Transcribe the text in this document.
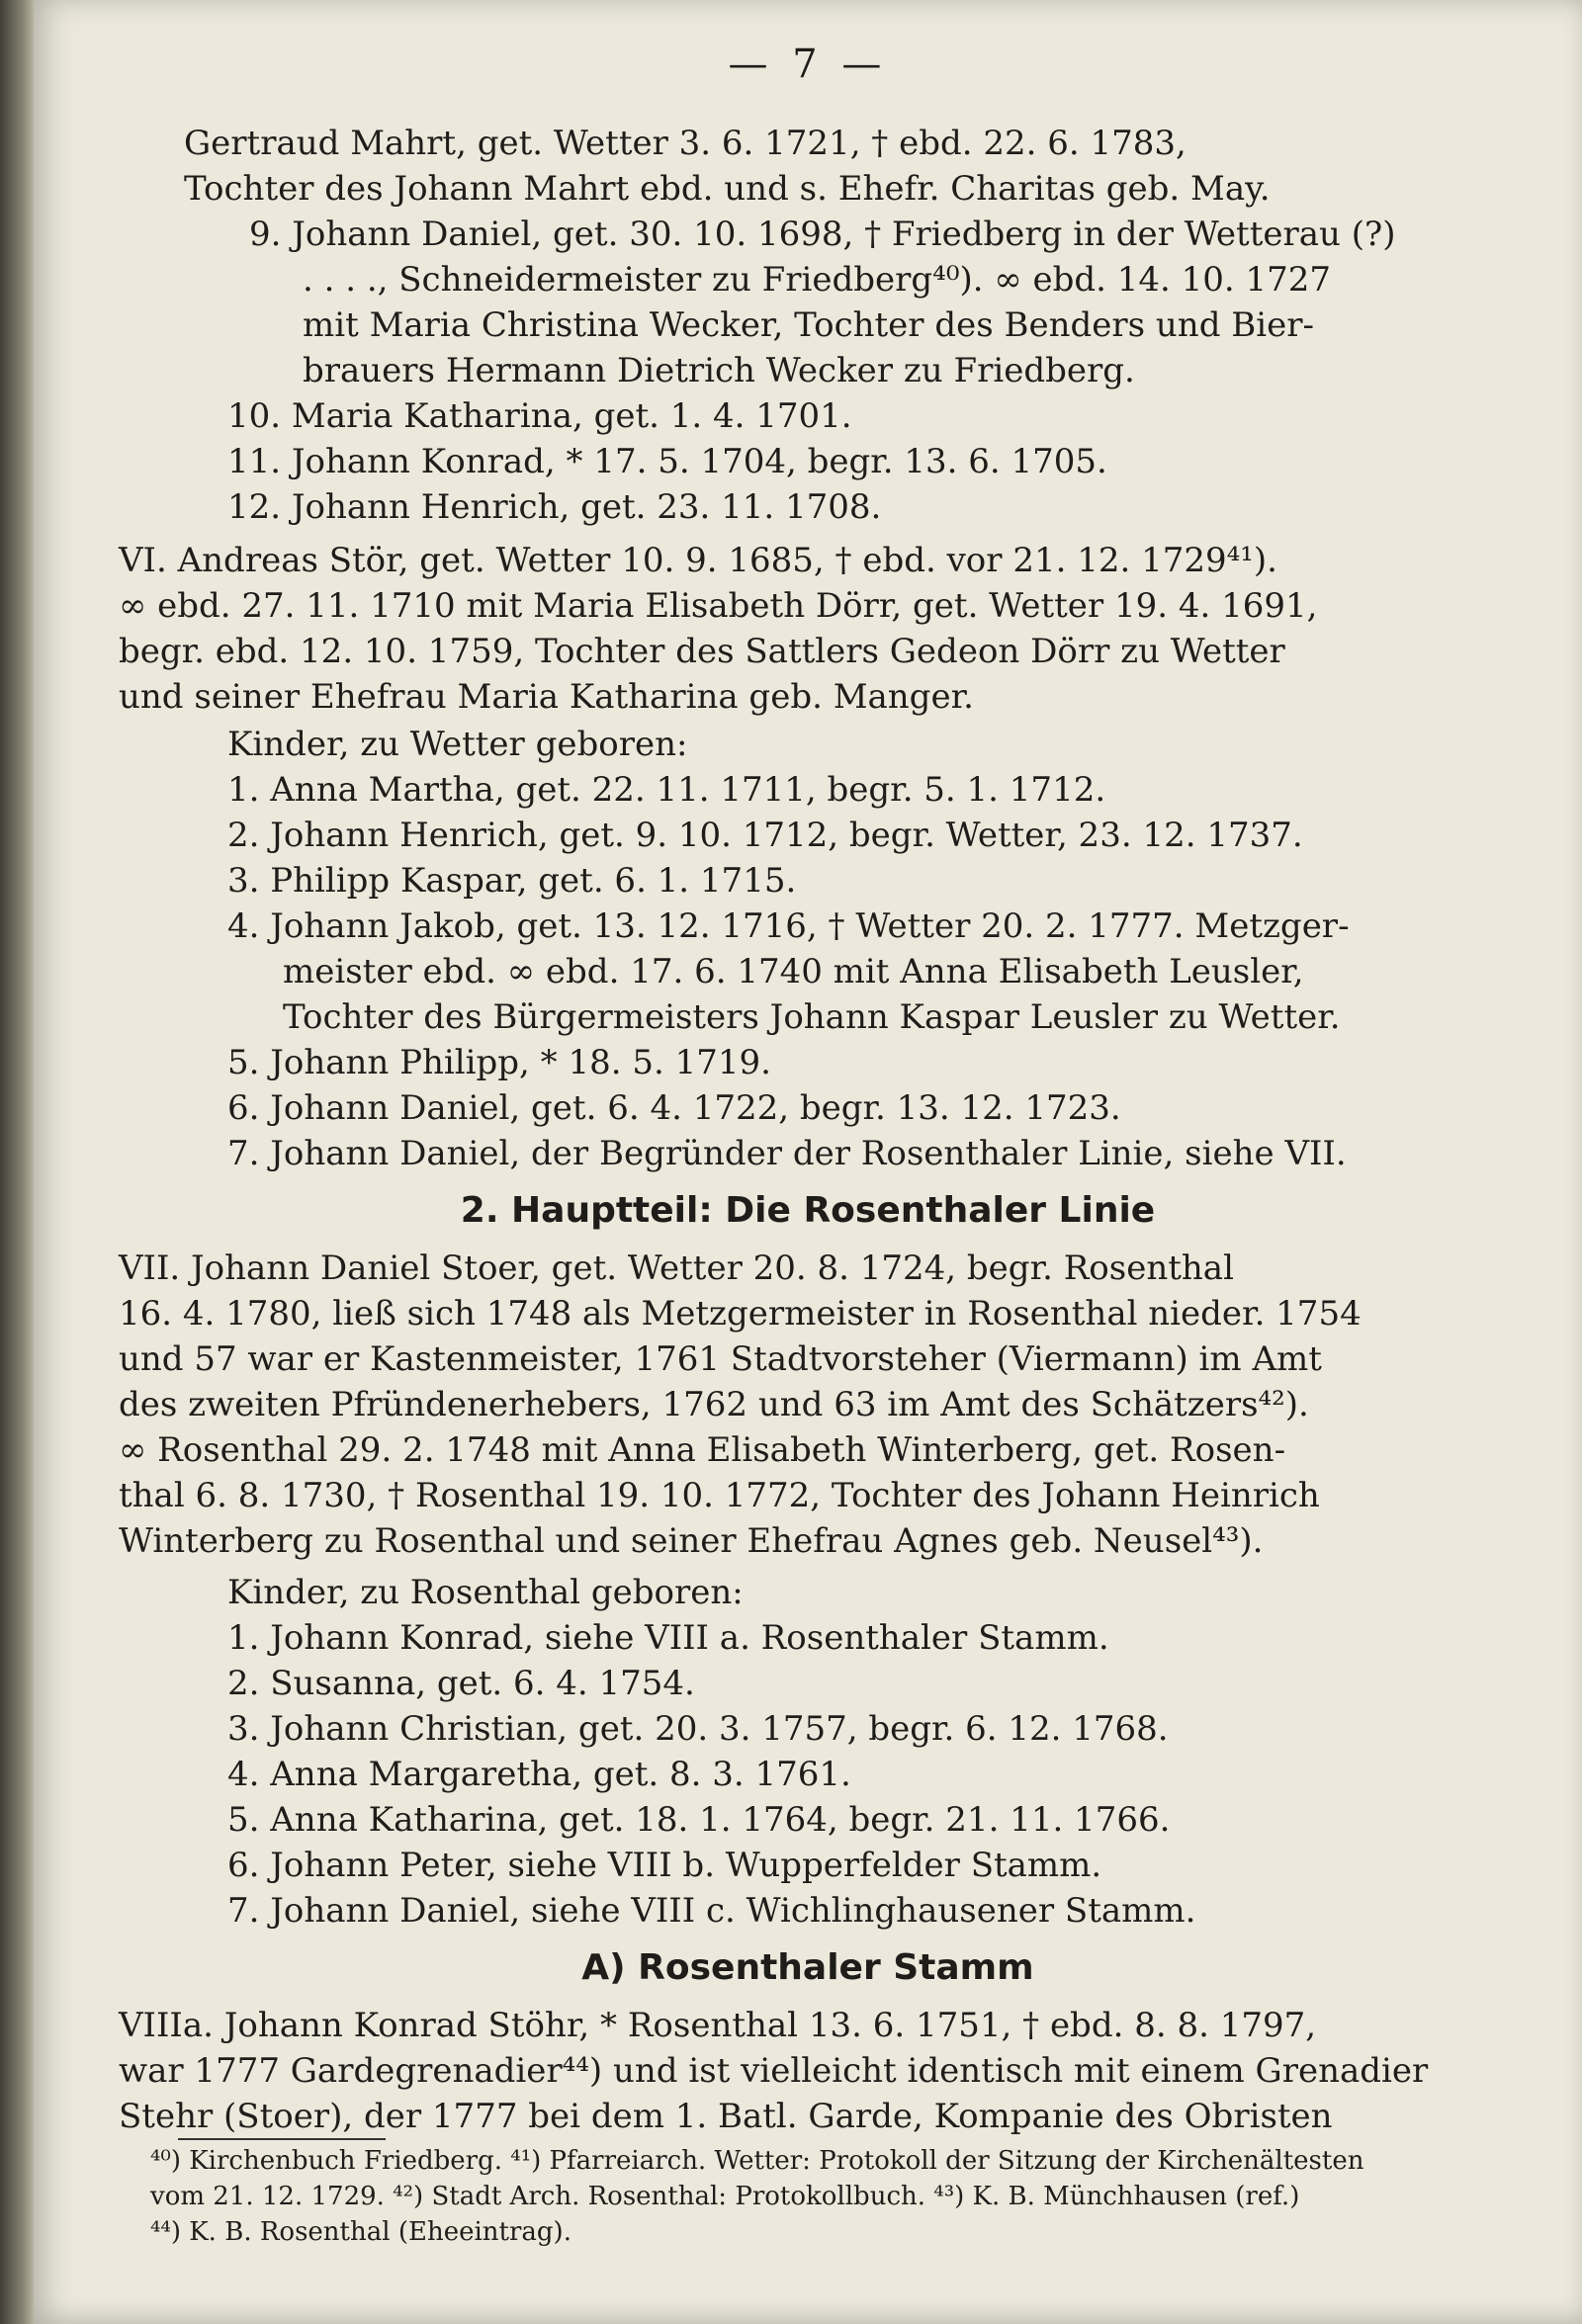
— 7 —
Gertraud Mahrt, get. Wetter 3. 6. 1721, † ebd. 22. 6. 1783,
Tochter des Johann Mahrt ebd. und s. Ehefr. Charitas geb. May.
9. Johann Daniel, get. 30. 10. 1698, † Friedberg in der Wetterau (?)
. . . ., Schneidermeister zu Friedberg⁴⁰). ∞ ebd. 14. 10. 1727
mit Maria Christina Wecker, Tochter des Benders und Bier-
brauers Hermann Dietrich Wecker zu Friedberg.
10. Maria Katharina, get. 1. 4. 1701.
11. Johann Konrad, * 17. 5. 1704, begr. 13. 6. 1705.
12. Johann Henrich, get. 23. 11. 1708.
VI. Andreas Stör, get. Wetter 10. 9. 1685, † ebd. vor 21. 12. 1729⁴¹).
∞ ebd. 27. 11. 1710 mit Maria Elisabeth Dörr, get. Wetter 19. 4. 1691,
begr. ebd. 12. 10. 1759, Tochter des Sattlers Gedeon Dörr zu Wetter
und seiner Ehefrau Maria Katharina geb. Manger.
Kinder, zu Wetter geboren:
1. Anna Martha, get. 22. 11. 1711, begr. 5. 1. 1712.
2. Johann Henrich, get. 9. 10. 1712, begr. Wetter, 23. 12. 1737.
3. Philipp Kaspar, get. 6. 1. 1715.
4. Johann Jakob, get. 13. 12. 1716, † Wetter 20. 2. 1777. Metzger-
meister ebd. ∞ ebd. 17. 6. 1740 mit Anna Elisabeth Leusler,
Tochter des Bürgermeisters Johann Kaspar Leusler zu Wetter.
5. Johann Philipp, * 18. 5. 1719.
6. Johann Daniel, get. 6. 4. 1722, begr. 13. 12. 1723.
7. Johann Daniel, der Begründer der Rosenthaler Linie, siehe VII.
2. Hauptteil: Die Rosenthaler Linie
VII. Johann Daniel Stoer, get. Wetter 20. 8. 1724, begr. Rosenthal
16. 4. 1780, ließ sich 1748 als Metzgermeister in Rosenthal nieder. 1754
und 57 war er Kastenmeister, 1761 Stadtvorsteher (Viermann) im Amt
des zweiten Pfründenerhebers, 1762 und 63 im Amt des Schätzers⁴²).
∞ Rosenthal 29. 2. 1748 mit Anna Elisabeth Winterberg, get. Rosen-
thal 6. 8. 1730, † Rosenthal 19. 10. 1772, Tochter des Johann Heinrich
Winterberg zu Rosenthal und seiner Ehefrau Agnes geb. Neusel⁴³).
Kinder, zu Rosenthal geboren:
1. Johann Konrad, siehe VIII a. Rosenthaler Stamm.
2. Susanna, get. 6. 4. 1754.
3. Johann Christian, get. 20. 3. 1757, begr. 6. 12. 1768.
4. Anna Margaretha, get. 8. 3. 1761.
5. Anna Katharina, get. 18. 1. 1764, begr. 21. 11. 1766.
6. Johann Peter, siehe VIII b. Wupperfelder Stamm.
7. Johann Daniel, siehe VIII c. Wichlinghausener Stamm.
A) Rosenthaler Stamm
VIIIa. Johann Konrad Stöhr, * Rosenthal 13. 6. 1751, † ebd. 8. 8. 1797,
war 1777 Gardegrenadier⁴⁴) und ist vielleicht identisch mit einem Grenadier
Stehr (Stoer), der 1777 bei dem 1. Batl. Garde, Kompanie des Obristen
⁴⁰) Kirchenbuch Friedberg. ⁴¹) Pfarreiarch. Wetter: Protokoll der Sitzung der Kirchenältesten
vom 21. 12. 1729. ⁴²) Stadt Arch. Rosenthal: Protokollbuch. ⁴³) K. B. Münchhausen (ref.)
⁴⁴) K. B. Rosenthal (Eheeintrag).
